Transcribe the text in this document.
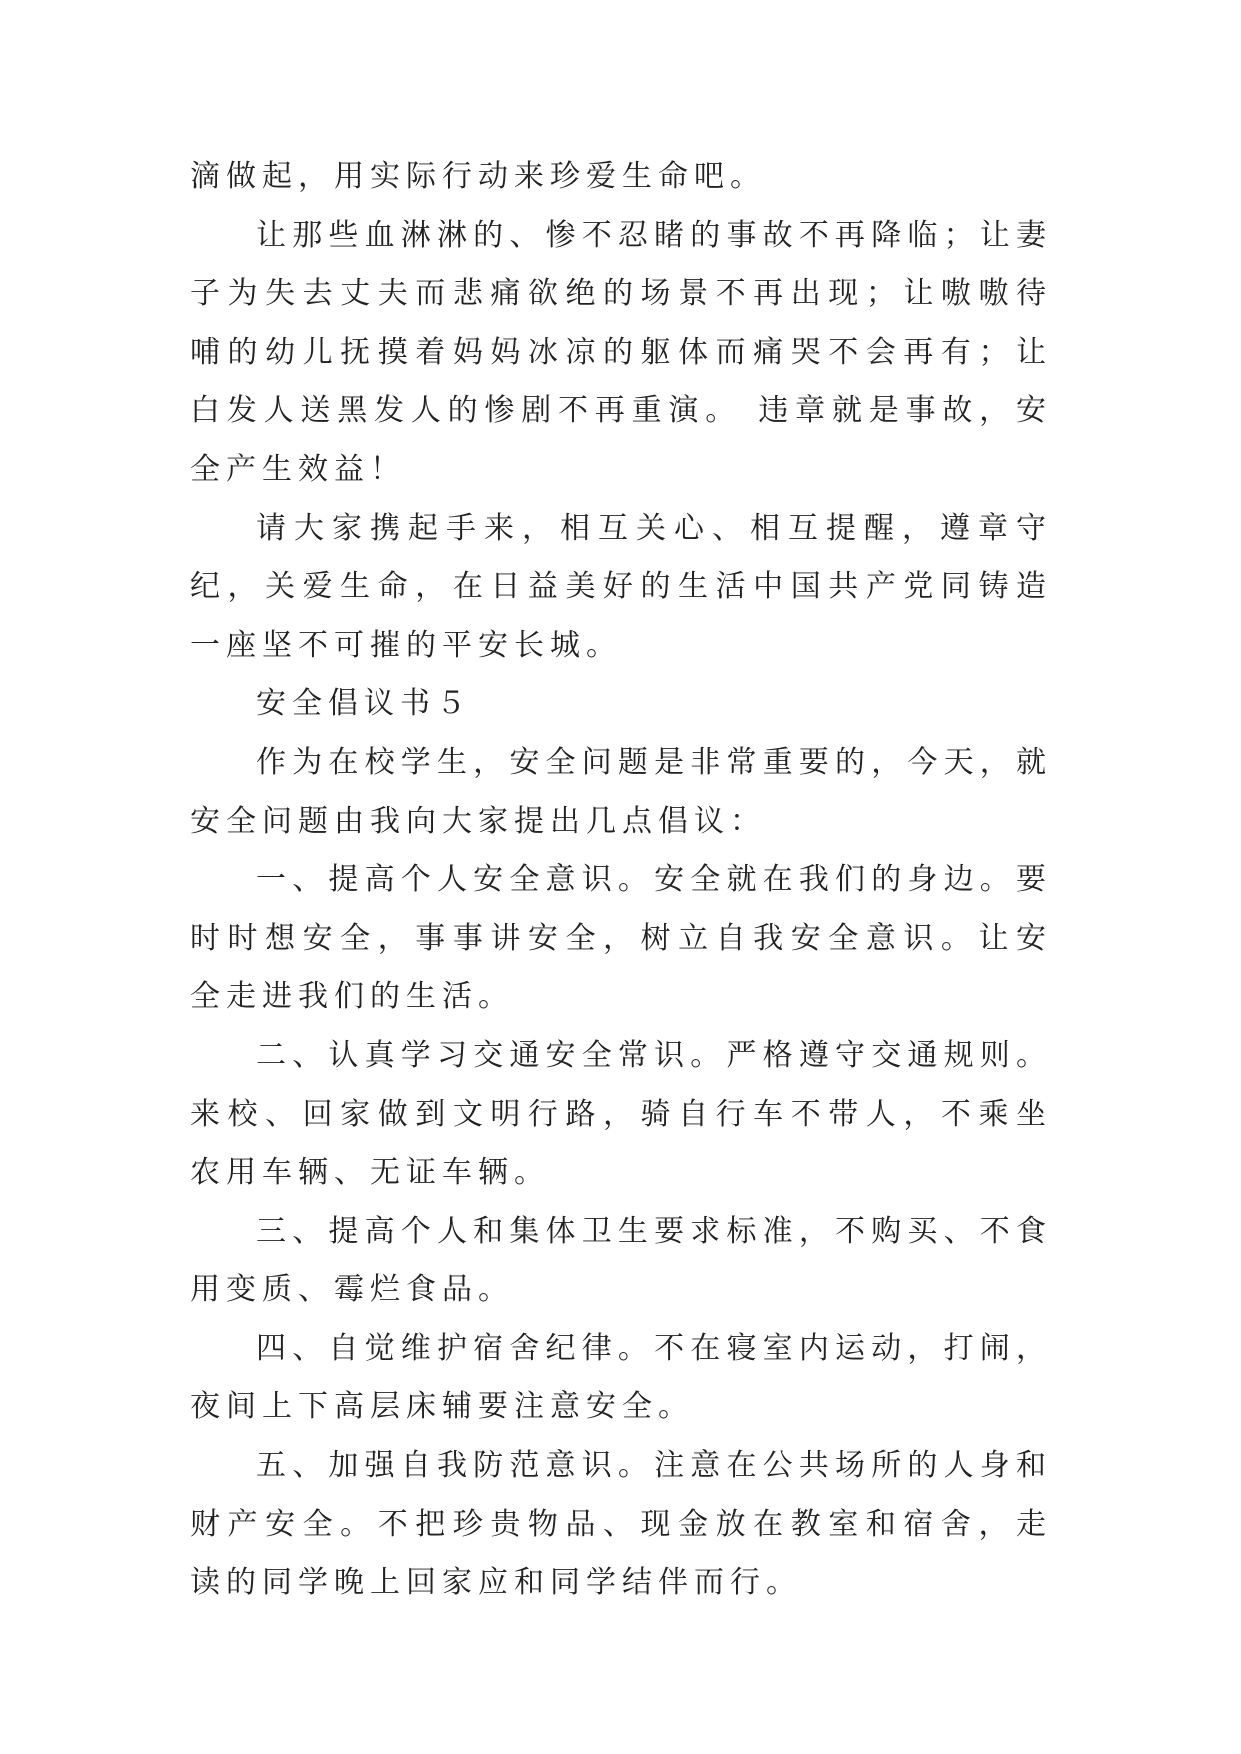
滴做起，用实际行动来珍爱生命吧。

让那些血淋淋的、惨不忍睹的事故不再降临；让妻子为失去丈夫而悲痛欲绝的场景不再出现；让嗷嗷待哺的幼儿抚摸着妈妈冰凉的躯体而痛哭不会再有；让白发人送黑发人的惨剧不再重演。 违章就是事故，安全产生效益！

请大家携起手来，相互关心、相互提醒，遵章守纪，关爱生命，在日益美好的生活中国共产党同铸造一座坚不可摧的平安长城。

安全倡议书５

作为在校学生，安全问题是非常重要的，今天，就安全问题由我向大家提出几点倡议：

一、提高个人安全意识。安全就在我们的身边。要时时想安全，事事讲安全，树立自我安全意识。让安全走进我们的生活。

二、认真学习交通安全常识。严格遵守交通规则。来校、回家做到文明行路，骑自行车不带人，不乘坐农用车辆、无证车辆。

三、提高个人和集体卫生要求标准，不购买、不食用变质、霉烂食品。

四、自觉维护宿舍纪律。不在寝室内运动，打闹，夜间上下高层床辅要注意安全。

五、加强自我防范意识。注意在公共场所的人身和财产安全。不把珍贵物品、现金放在教室和宿舍，走读的同学晚上回家应和同学结伴而行。
